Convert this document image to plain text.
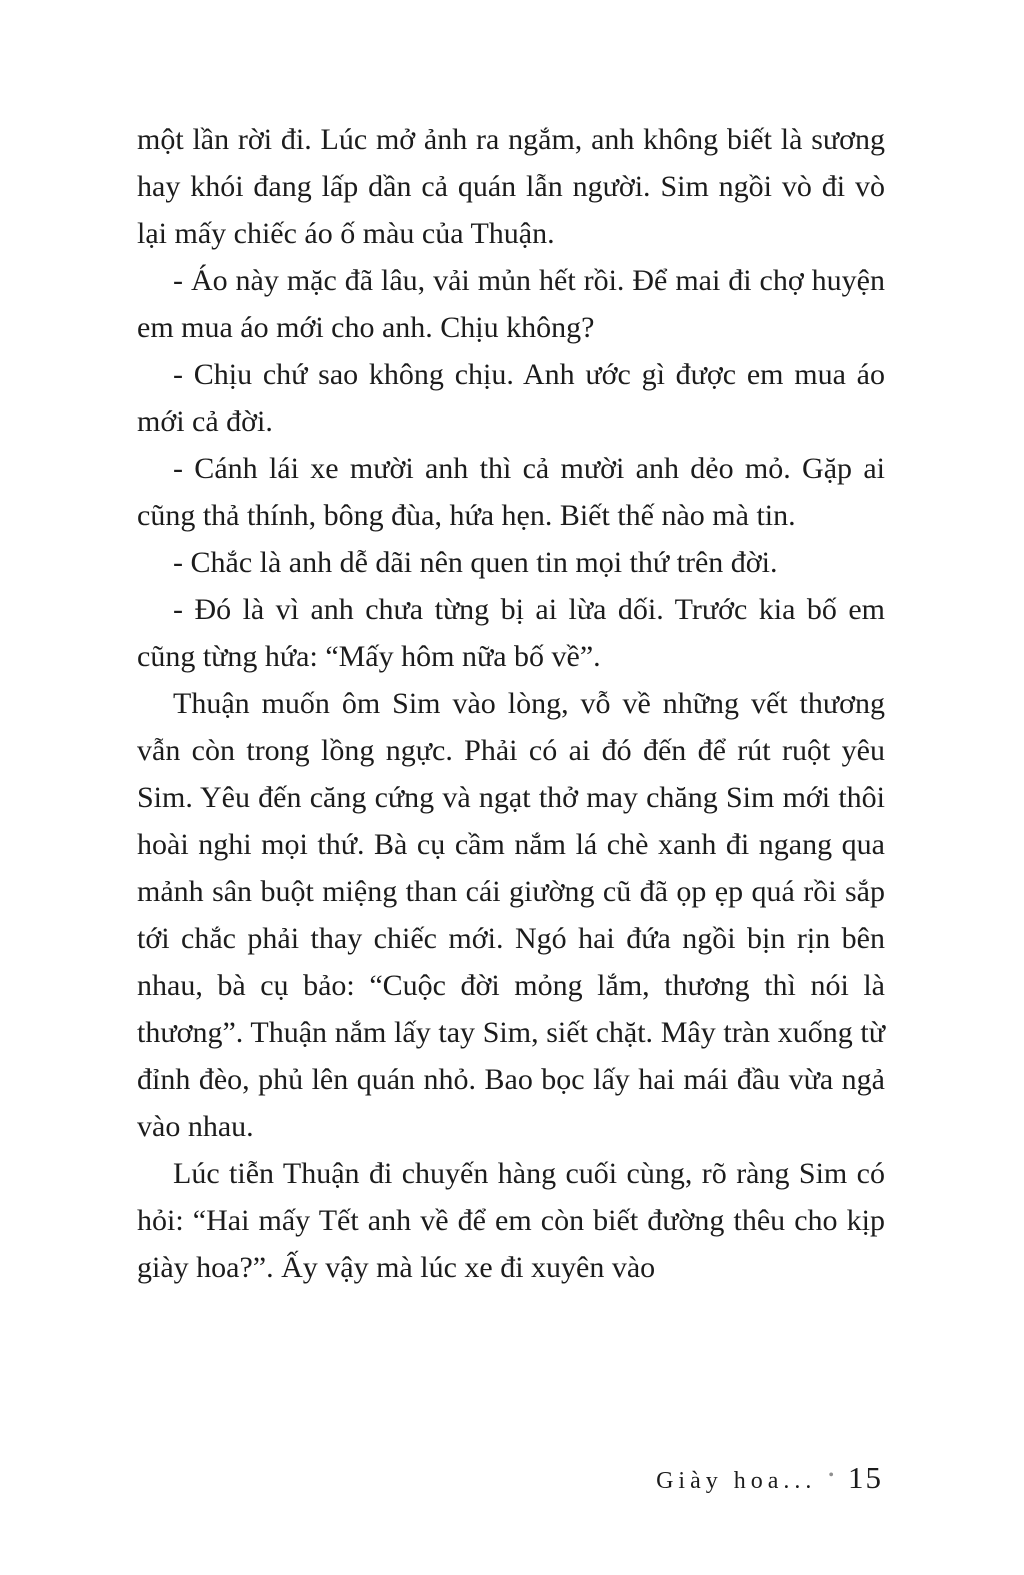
một lần rời đi. Lúc mở ảnh ra ngắm, anh không biết là sương hay khói đang lấp dần cả quán lẫn người. Sim ngồi vò đi vò lại mấy chiếc áo ố màu của Thuận.

- Áo này mặc đã lâu, vải mủn hết rồi. Để mai đi chợ huyện em mua áo mới cho anh. Chịu không?

- Chịu chứ sao không chịu. Anh ước gì được em mua áo mới cả đời.

- Cánh lái xe mười anh thì cả mười anh dẻo mỏ. Gặp ai cũng thả thính, bông đùa, hứa hẹn. Biết thế nào mà tin.

- Chắc là anh dễ dãi nên quen tin mọi thứ trên đời.

- Đó là vì anh chưa từng bị ai lừa dối. Trước kia bố em cũng từng hứa: “Mấy hôm nữa bố về”.

Thuận muốn ôm Sim vào lòng, vỗ về những vết thương vẫn còn trong lồng ngực. Phải có ai đó đến để rút ruột yêu Sim. Yêu đến căng cứng và ngạt thở may chăng Sim mới thôi hoài nghi mọi thứ. Bà cụ cầm nắm lá chè xanh đi ngang qua mảnh sân buột miệng than cái giường cũ đã ọp ẹp quá rồi sắp tới chắc phải thay chiếc mới. Ngó hai đứa ngồi bịn rịn bên nhau, bà cụ bảo: “Cuộc đời mỏng lắm, thương thì nói là thương”. Thuận nắm lấy tay Sim, siết chặt. Mây tràn xuống từ đỉnh đèo, phủ lên quán nhỏ. Bao bọc lấy hai mái đầu vừa ngả vào nhau.

Lúc tiễn Thuận đi chuyến hàng cuối cùng, rõ ràng Sim có hỏi: “Hai mấy Tết anh về để em còn biết đường thêu cho kịp giày hoa?”. Ấy vậy mà lúc xe đi xuyên vào

Giày hoa... • 15
